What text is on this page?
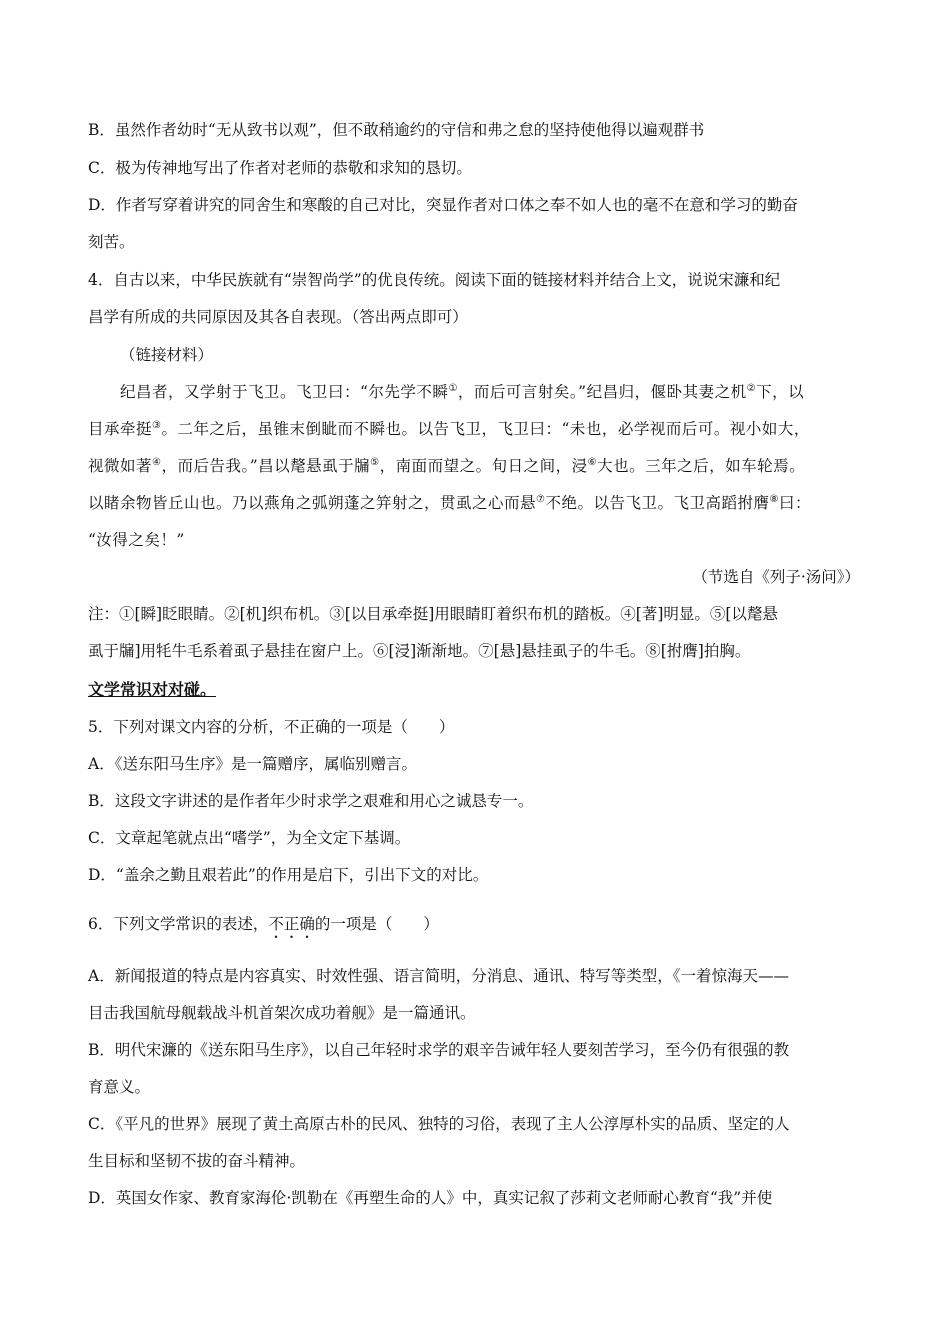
B．虽然作者幼时“无从致书以观”，但不敢稍逾约的守信和弗之怠的坚持使他得以遍观群书
C．极为传神地写出了作者对老师的恭敬和求知的恳切。
D．作者写穿着讲究的同舍生和寒酸的自己对比，突显作者对口体之奉不如人也的毫不在意和学习的勤奋
刻苦。
4．自古以来，中华民族就有“崇智尚学”的优良传统。阅读下面的链接材料并结合上文，说说宋濂和纪
昌学有所成的共同原因及其各自表现。（答出两点即可）
（链接材料）
纪昌者，又学射于飞卫。飞卫曰：“尔先学不瞬①，而后可言射矣。”纪昌归，偃卧其妻之机②下，以
目承牵挺③。二年之后，虽锥末倒眦而不瞬也。以告飞卫，飞卫曰：“未也，必学视而后可。视小如大，
视微如著④，而后告我。”昌以氂悬虱于牖⑤，南面而望之。旬日之间，浸⑥大也。三年之后，如车轮焉。
以睹余物皆丘山也。乃以燕角之弧朔蓬之笄射之，贯虱之心而悬⑦不绝。以告飞卫。飞卫高蹈拊膺⑧曰：
“汝得之矣！”
（节选自《列子·汤问》）
注：①[瞬]眨眼睛。②[机]织布机。③[以目承牵挺]用眼睛盯着织布机的踏板。④[著]明显。⑤[以氂悬
虱于牖]用牦牛毛系着虱子悬挂在窗户上。⑥[浸]渐渐地。⑦[悬]悬挂虱子的牛毛。⑧[拊膺]拍胸。
文学常识对对碰。
5．下列对课文内容的分析，不正确的一项是（　　）
A．《送东阳马生序》是一篇赠序，属临别赠言。
B．这段文字讲述的是作者年少时求学之艰难和用心之诚恳专一。
C．文章起笔就点出“嗜学”，为全文定下基调。
D．“盖余之勤且艰若此”的作用是启下，引出下文的对比。
6．下列文学常识的表述，不正确的一项是（　　）
A．新闻报道的特点是内容真实、时效性强、语言简明，分消息、通讯、特写等类型，《一着惊海天——
目击我国航母舰载战斗机首架次成功着舰》是一篇通讯。
B．明代宋濂的《送东阳马生序》，以自己年轻时求学的艰辛告诫年轻人要刻苦学习，至今仍有很强的教
育意义。
C．《平凡的世界》展现了黄土高原古朴的民风、独特的习俗，表现了主人公淳厚朴实的品质、坚定的人
生目标和坚韧不拔的奋斗精神。
D．英国女作家、教育家海伦·凯勒在《再塑生命的人》中，真实记叙了莎莉文老师耐心教育“我”并使
